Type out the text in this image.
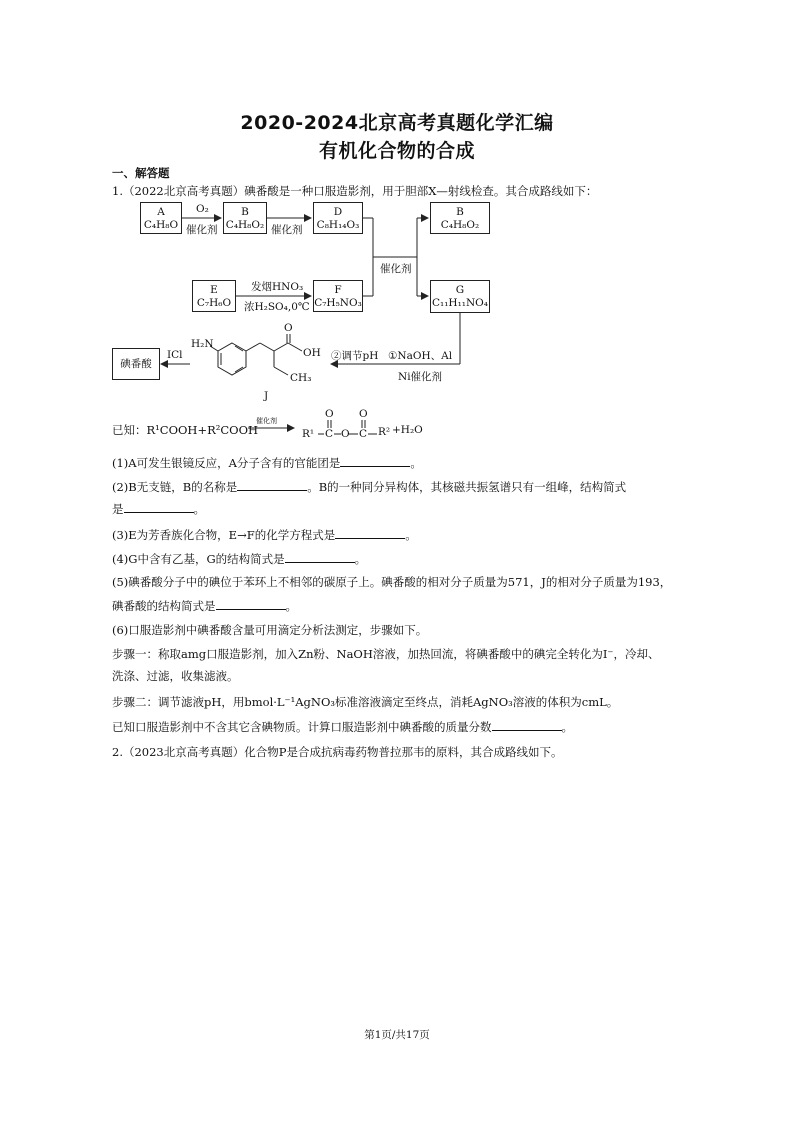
2020-2024北京高考真题化学汇编
有机化合物的合成
一、解答题
1.（2022北京高考真题）碘番酸是一种口服造影剂，用于胆部X—射线检查。其合成路线如下：
A
C₄H₈O
B
C₄H₈O₂
D
C₈H₁₄O₃
B
C₄H₈O₂
E
C₇H₆O
F
C₇H₅NO₃
G
C₁₁H₁₁NO₄
碘番酸
O₂
催化剂	催化剂
发烟HNO₃
浓H₂SO₄,0℃
催化剂
①NaOH、Al
Ni催化剂
②调节pH
ICl
H₂N
OH
O
CH₃
J
已知：R¹COOH+R²COOH
催化剂
R¹ C O C R²
O O
+H₂O
(1)A可发生银镜反应，A分子含有的官能团是	。
(2)B无支链，B的名称是	。B的一种同分异构体，其核磁共振氢谱只有一组峰，结构简式
是	。
(3)E为芳香族化合物，E→F的化学方程式是	。
(4)G中含有乙基，G的结构简式是	。
(5)碘番酸分子中的碘位于苯环上不相邻的碳原子上。碘番酸的相对分子质量为571，J的相对分子质量为193，
碘番酸的结构简式是	。
(6)口服造影剂中碘番酸含量可用滴定分析法测定，步骤如下。
步骤一：称取amg口服造影剂，加入Zn粉、NaOH溶液，加热回流，将碘番酸中的碘完全转化为I⁻，冷却、
洗涤、过滤，收集滤液。
步骤二：调节滤液pH，用bmol·L⁻¹AgNO₃标准溶液滴定至终点，消耗AgNO₃溶液的体积为cmL。
已知口服造影剂中不含其它含碘物质。计算口服造影剂中碘番酸的质量分数	。
2.（2023北京高考真题）化合物P是合成抗病毒药物普拉那韦的原料，其合成路线如下。
第1页/共17页
